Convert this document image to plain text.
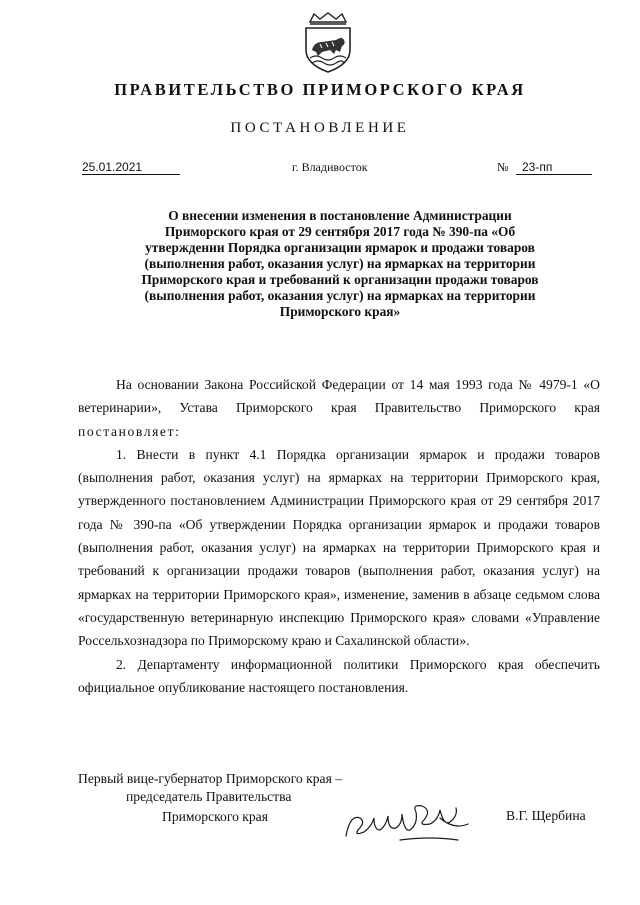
ПРАВИТЕЛЬСТВО ПРИМОРСКОГО КРАЯ
ПОСТАНОВЛЕНИЕ
25.01.2021	г. Владивосток	№	23-пп
О внесении изменения в постановление Администрации Приморского края от 29 сентября 2017 года № 390-па «Об утверждении Порядка организации ярмарок и продажи товаров (выполнения работ, оказания услуг) на ярмарках на территории Приморского края и требований к организации продажи товаров (выполнения работ, оказания услуг) на ярмарках на территории Приморского края»

На основании Закона Российской Федерации от 14 мая 1993 года № 4979-1 «О ветеринарии», Устава Приморского края Правительство Приморского края постановляет:

1. Внести в пункт 4.1 Порядка организации ярмарок и продажи товаров (выполнения работ, оказания услуг) на ярмарках на территории Приморского края, утвержденного постановлением Администрации Приморского края от 29 сентября 2017 года № 390-па «Об утверждении Порядка организации ярмарок и продажи товаров (выполнения работ, оказания услуг) на ярмарках на территории Приморского края и требований к организации продажи товаров (выполнения работ, оказания услуг) на ярмарках на территории Приморского края», изменение, заменив в абзаце седьмом слова «государственную ветеринарную инспекцию Приморского края» словами «Управление Россельхознадзора по Приморскому краю и Сахалинской области».

2. Департаменту информационной политики Приморского края обеспечить официальное опубликование настоящего постановления.

Первый вице-губернатор Приморского края –
председатель Правительства
Приморского края	В.Г. Щербина
